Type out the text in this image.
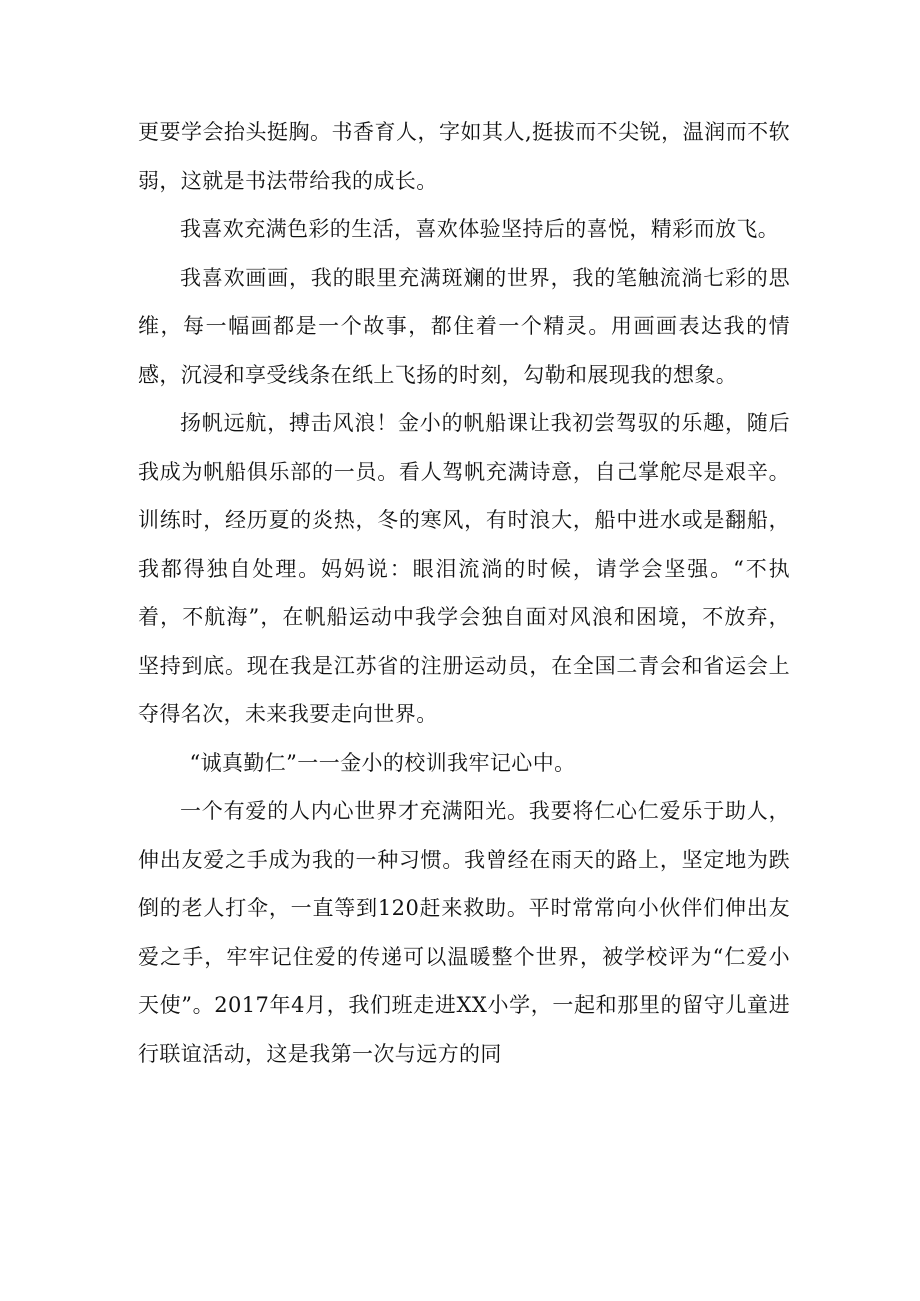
更要学会抬头挺胸。书香育人，字如其人,挺拔而不尖锐，温润而不软弱，这就是书法带给我的成长。

我喜欢充满色彩的生活，喜欢体验坚持后的喜悦，精彩而放飞。

我喜欢画画，我的眼里充满斑斓的世界，我的笔触流淌七彩的思维，每一幅画都是一个故事，都住着一个精灵。用画画表达我的情感，沉浸和享受线条在纸上飞扬的时刻，勾勒和展现我的想象。

扬帆远航，搏击风浪！金小的帆船课让我初尝驾驭的乐趣，随后我成为帆船俱乐部的一员。看人驾帆充满诗意，自己掌舵尽是艰辛。训练时，经历夏的炎热，冬的寒风，有时浪大，船中进水或是翻船，我都得独自处理。妈妈说：眼泪流淌的时候，请学会坚强。“不执着，不航海”，在帆船运动中我学会独自面对风浪和困境，不放弃，坚持到底。现在我是江苏省的注册运动员，在全国二青会和省运会上夺得名次，未来我要走向世界。

“诚真勤仁”一一金小的校训我牢记心中。

一个有爱的人内心世界才充满阳光。我要将仁心仁爱乐于助人，伸出友爱之手成为我的一种习惯。我曾经在雨天的路上，坚定地为跌倒的老人打伞，一直等到120赶来救助。平时常常向小伙伴们伸出友爱之手，牢牢记住爱的传递可以温暖整个世界，被学校评为“仁爱小天使”。2017年4月，我们班走进XX小学，一起和那里的留守儿童进行联谊活动，这是我第一次与远方的同
